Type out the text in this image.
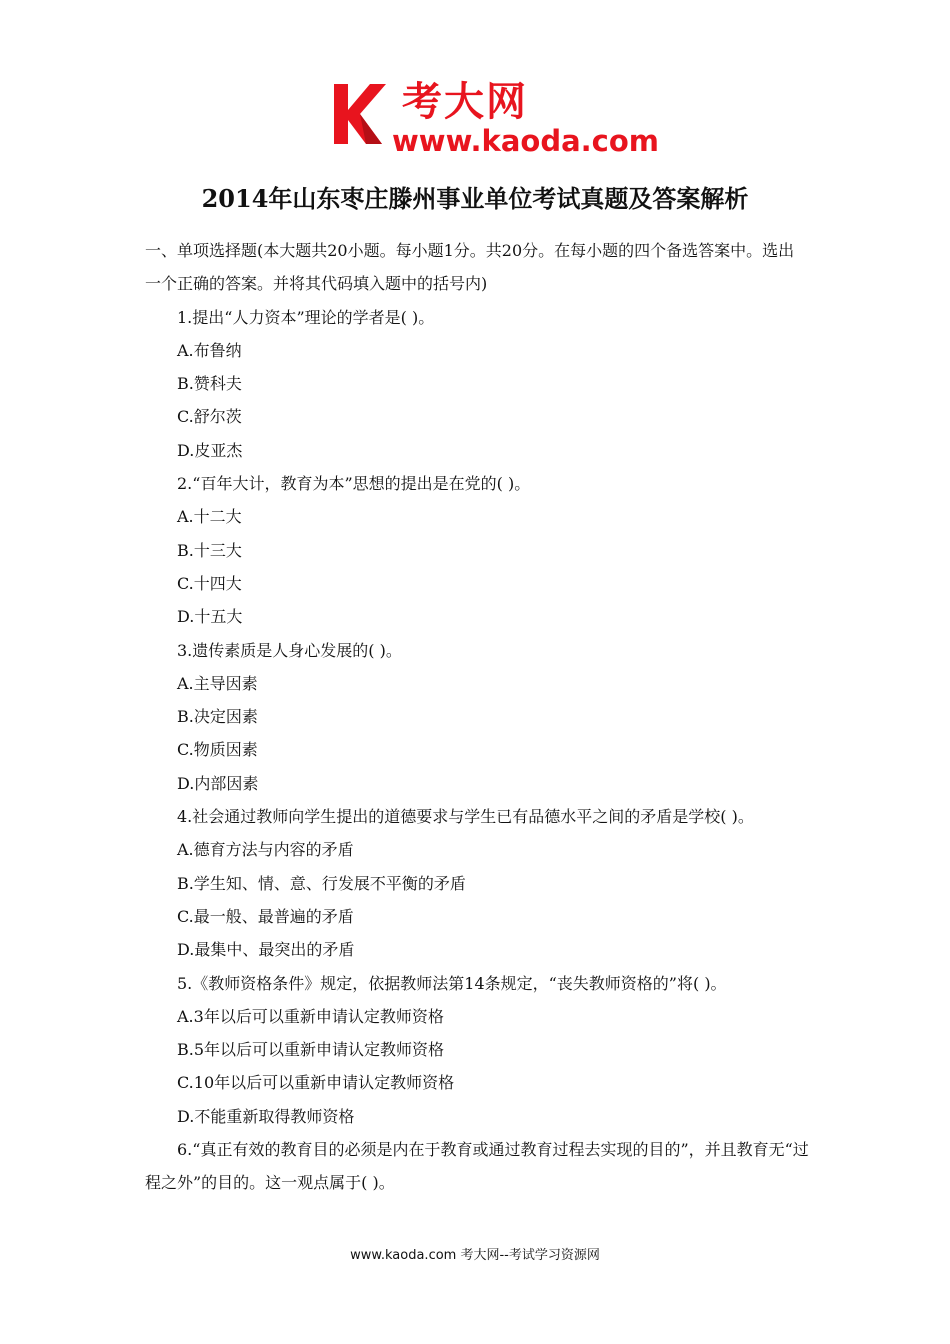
考大网
www.kaoda.com
2014年山东枣庄滕州事业单位考试真题及答案解析

一、单项选择题(本大题共20小题。每小题1分。共20分。在每小题的四个备选答案中。选出一个正确的答案。并将其代码填入题中的括号内)

1.提出“人力资本”理论的学者是( )。

A.布鲁纳

B.赞科夫

C.舒尔茨

D.皮亚杰

2.“百年大计，教育为本”思想的提出是在党的( )。

A.十二大

B.十三大

C.十四大

D.十五大

3.遗传素质是人身心发展的( )。

A.主导因素

B.决定因素

C.物质因素

D.内部因素

4.社会通过教师向学生提出的道德要求与学生已有品德水平之间的矛盾是学校( )。

A.德育方法与内容的矛盾

B.学生知、情、意、行发展不平衡的矛盾

C.最一般、最普遍的矛盾

D.最集中、最突出的矛盾

5.《教师资格条件》规定，依据教师法第14条规定，“丧失教师资格的”将( )。

A.3年以后可以重新申请认定教师资格

B.5年以后可以重新申请认定教师资格

C.10年以后可以重新申请认定教师资格

D.不能重新取得教师资格

6.“真正有效的教育目的必须是内在于教育或通过教育过程去实现的目的”，并且教育无“过程之外”的目的。这一观点属于( )。

www.kaoda.com 考大网--考试学习资源网
